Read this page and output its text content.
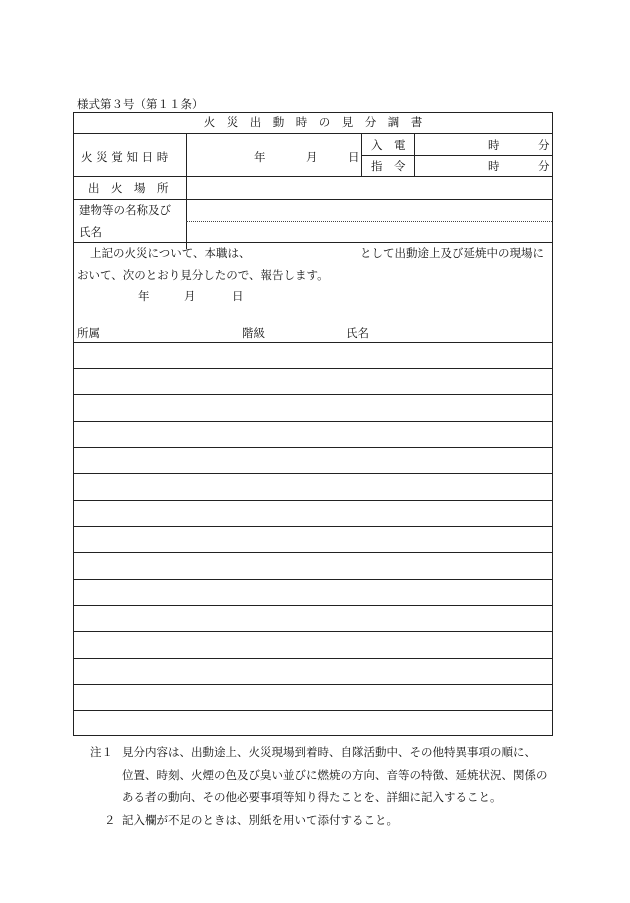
様式第３号（第１１条）
火　災　出　動　時　の　見　分　調　書
火 災 覚 知 日 時	年	月	日
入　電	時	分
指　令	時	分
出　火　場　所
建物等の名称及び
氏名
上記の火災について、本職は、	として出動途上及び延焼中の現場に
おいて、次のとおり見分したので、報告します。
年	月	日
所属	階級	氏名
注１ 見分内容は、出動途上、火災現場到着時、自隊活動中、その他特異事項の順に、
位置、時刻、火煙の色及び臭い並びに燃焼の方向、音等の特徴、延焼状況、関係の
ある者の動向、その他必要事項等知り得たことを、詳細に記入すること。
２ 記入欄が不足のときは、別紙を用いて添付すること。
